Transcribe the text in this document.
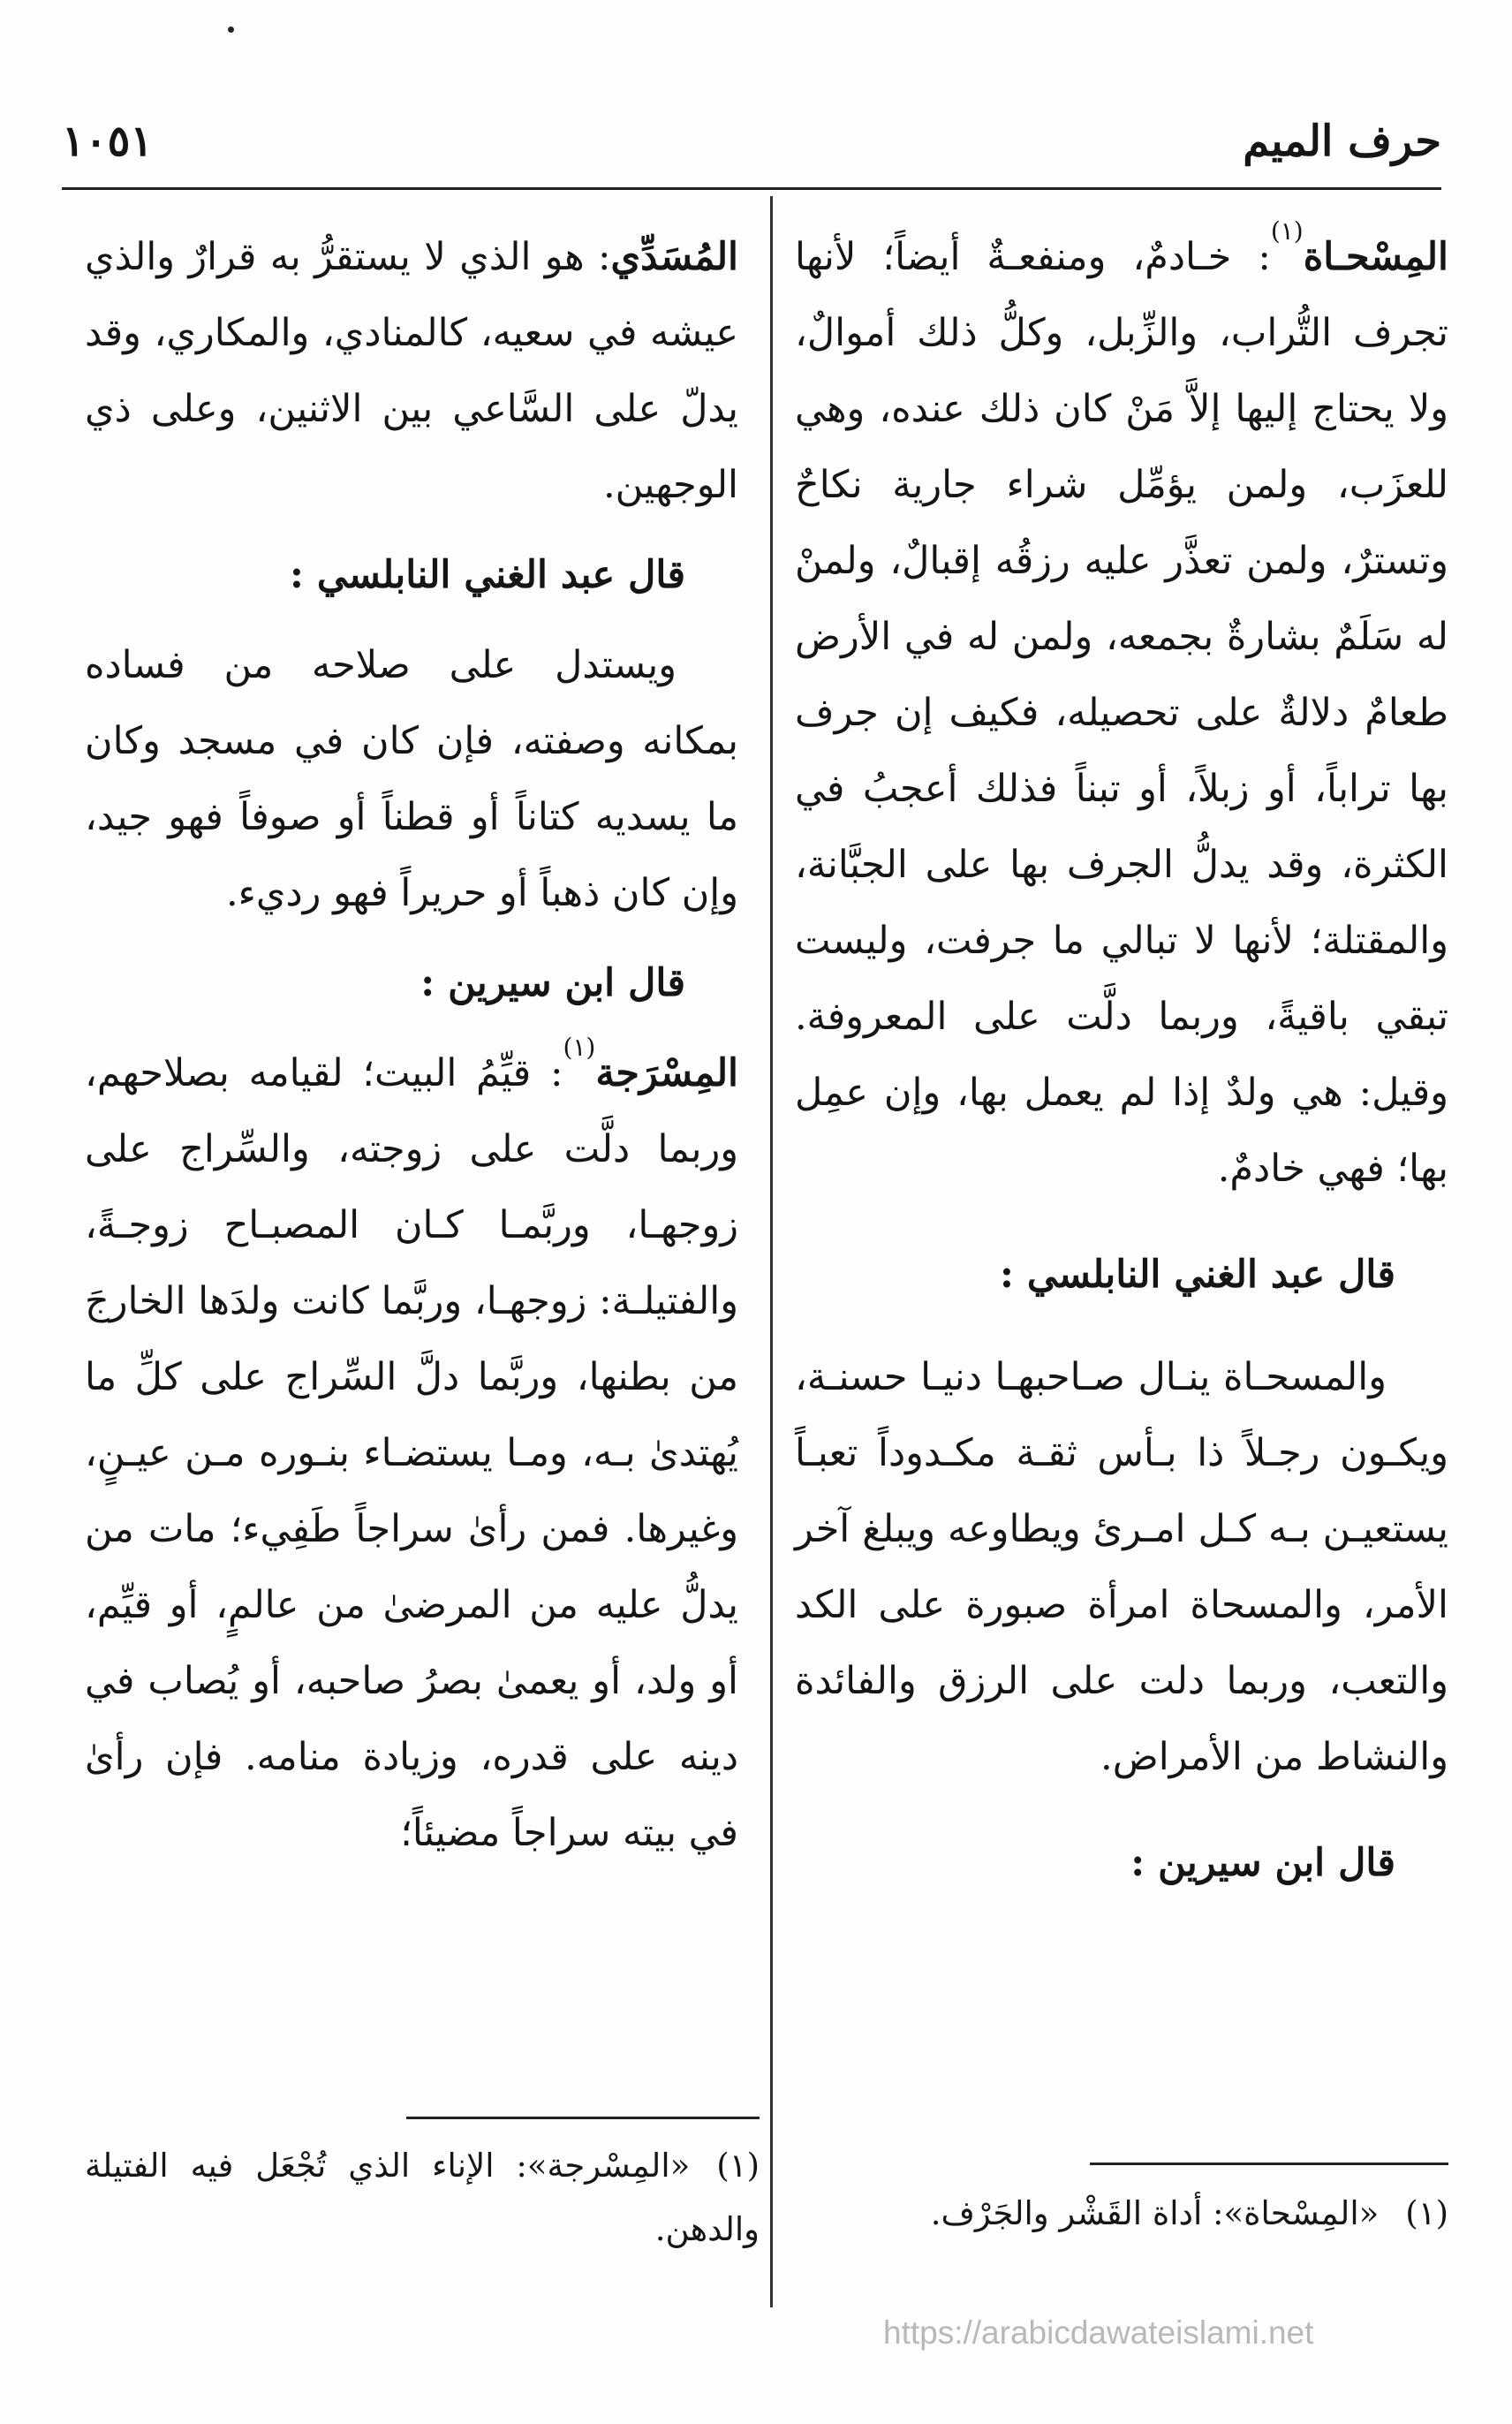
حرف الميم
١٠٥١

المِسْحـاة$^{(١)}$: خـادمٌ، ومنفعـةٌ أيضاً؛ لأنها تجرف التُّراب، والزِّبل، وكلُّ ذلك أموالٌ، ولا يحتاج إليها إلاَّ مَنْ كان ذلك عنده، وهي للعزَب، ولمن يؤمِّل شراء جارية نكاحٌ وتسترٌ، ولمن تعذَّر عليه رزقُه إقبالٌ، ولمنْ له سَلَمٌ بشارةٌ بجمعه، ولمن له في الأرض طعامٌ دلالةٌ على تحصيله، فكيف إن جرف بها تراباً، أو زبلاً، أو تبناً فذلك أعجبُ في الكثرة، وقد يدلُّ الجرف بها على الجبَّانة، والمقتلة؛ لأنها لا تبالي ما جرفت، وليست تبقي باقيةً، وربما دلَّت على المعروفة. وقيل: هي ولدٌ إذا لم يعمل بها، وإن عمِل بها؛ فهي خادمٌ.

قال عبد الغني النابلسي :

والمسحـاة ينـال صـاحبهـا دنيـا حسنـة، ويكـون رجـلاً ذا بـأس ثقـة مكـدوداً تعبـاً يستعيـن بـه كـل امـرئ ويطاوعه ويبلغ آخر الأمر، والمسحاة امرأة صبورة على الكد والتعب، وربما دلت على الرزق والفائدة والنشاط من الأمراض.

قال ابن سيرين :

المُسَدِّي: هو الذي لا يستقرُّ به قرارٌ والذي عيشه في سعيه، كالمنادي، والمكاري، وقد يدلّ على السَّاعي بين الاثنين، وعلى ذي الوجهين.

قال عبد الغني النابلسي :

ويستدل على صلاحه من فساده بمكانه وصفته، فإن كان في مسجد وكان ما يسديه كتاناً أو قطناً أو صوفاً فهو جيد، وإن كان ذهباً أو حريراً فهو رديء.

قال ابن سيرين :

المِسْرَجة$^{(١)}$: قيِّمُ البيت؛ لقيامه بصلاحهم، وربما دلَّت على زوجته، والسِّراج على زوجهـا، وربَّمـا كـان المصبـاح زوجـةً، والفتيلـة: زوجهـا، وربَّما كانت ولدَها الخارجَ من بطنها، وربَّما دلَّ السِّراج على كلِّ ما يُهتدىٰ بـه، ومـا يستضـاء بنـوره مـن عيـنٍ، وغيرها. فمن رأىٰ سراجاً طَفِيء؛ مات من يدلُّ عليه من المرضىٰ من عالمٍ، أو قيِّم، أو ولد، أو يعمىٰ بصرُ صاحبه، أو يُصاب في دينه على قدره، وزيادة منامه. فإن رأىٰ في بيته سراجاً مضيئاً؛

(١)«المِسْحاة»: أداة القَشْر والجَرْف.
(١)«المِسْرجة»: الإناء الذي تُجْعَل فيه الفتيلة والدهن.
https://arabicdawateislami.net
